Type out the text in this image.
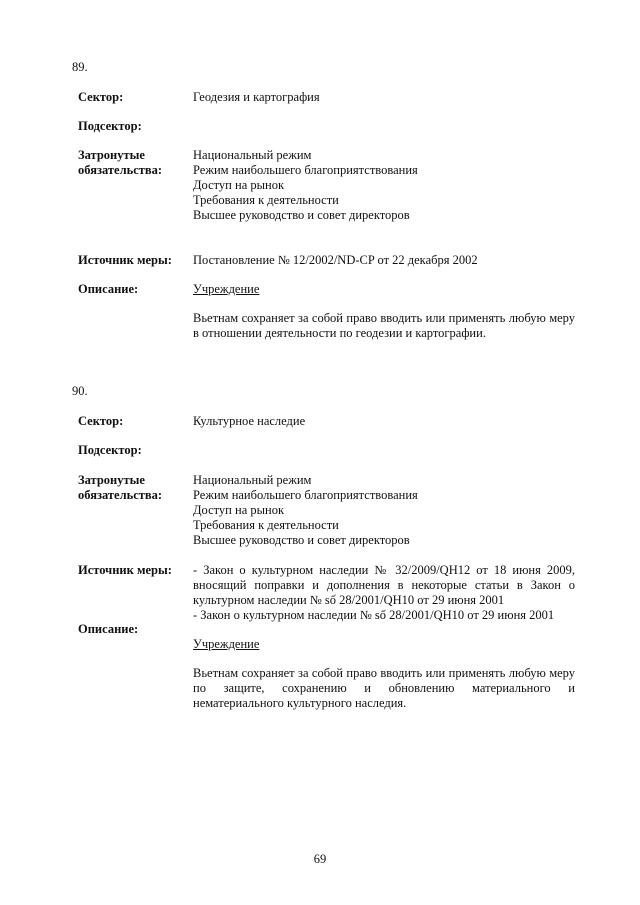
89.
Сектор:	Геодезия и картография
Подсектор:
Затронутые
обязательства:
Национальный режим
Режим наибольшего благоприятствования
Доступ на рынок
Требования к деятельности
Высшее руководство и совет директоров
Источник меры: Постановление № 12/2002/ND-CP от 22 декабря 2002
Описание:	Учреждение
Вьетнам сохраняет за собой право вводить или применять любую меру в отношении деятельности по геодезии и картографии.
90.
Сектор:	Культурное наследие
Подсектор:
Затронутые
обязательства:
Национальный режим
Режим наибольшего благоприятствования
Доступ на рынок
Требования к деятельности
Высшее руководство и совет директоров
Источник меры: - Закон о культурном наследии № 32/2009/QH12 от 18 июня 2009, вносящий поправки и дополнения в некоторые статьи в Закон о культурном наследии № số 28/2001/QH10 от 29 июня 2001
- Закон о культурном наследии № số 28/2001/QH10 от 29 июня 2001
Описание:
Учреждение
Вьетнам сохраняет за собой право вводить или применять любую меру по защите, сохранению и обновлению материального и нематериального культурного наследия.
69
